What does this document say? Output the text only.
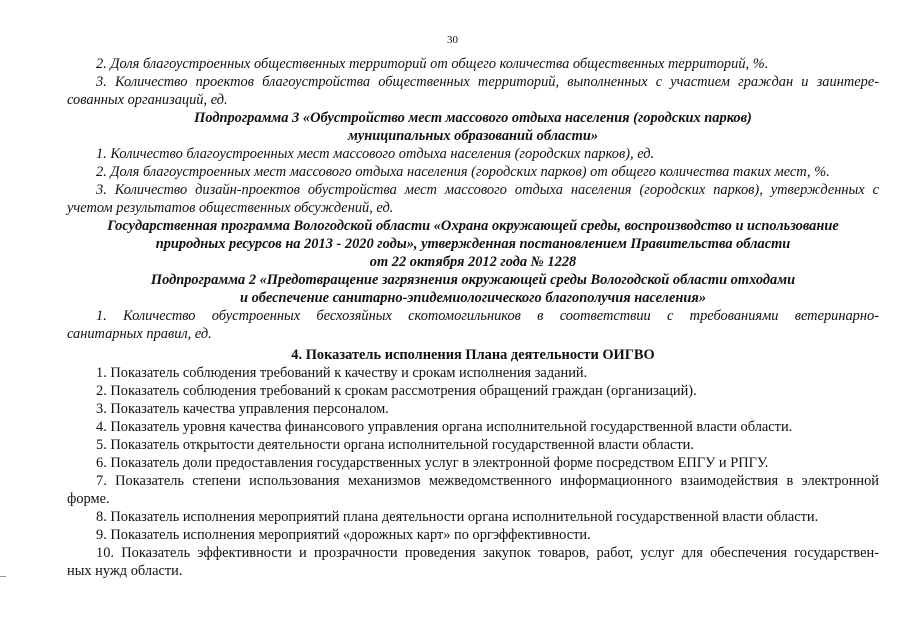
30

2. Доля благоустроенных общественных территорий от общего количества общественных территорий, %.

3. Количество проектов благоустройства общественных территорий, выполненных с участием граждан и заинтере-

сованных организаций, ед.

Подпрограмма 3 «Обустройство мест массового отдыха населения (городских парков)

муниципальных образований области»

1. Количество благоустроенных мест массового отдыха населения (городских парков), ед.

2. Доля благоустроенных мест массового отдыха населения (городских парков) от общего количества таких мест, %.

3. Количество дизайн-проектов обустройства мест массового отдыха населения (городских парков), утвержденных с

учетом результатов общественных обсуждений, ед.

Государственная программа Вологодской области «Охрана окружающей среды, воспроизводство и использование

природных ресурсов на 2013 - 2020 годы», утвержденная постановлением Правительства области

от 22 октября 2012 года № 1228

Подпрограмма 2 «Предотвращение загрязнения окружающей среды Вологодской области отходами

и обеспечение санитарно-эпидемиологического благополучия населения»

1. Количество обустроенных бесхозяйных скотомогильников в соответствии с требованиями ветеринарно-

санитарных правил, ед.

4. Показатель исполнения Плана деятельности ОИГВО

1. Показатель соблюдения требований к качеству и срокам исполнения заданий.

2. Показатель соблюдения требований к срокам рассмотрения обращений граждан (организаций).

3. Показатель качества управления персоналом.

4. Показатель уровня качества финансового управления органа исполнительной государственной власти области.

5. Показатель открытости деятельности органа исполнительной государственной власти области.

6. Показатель доли предоставления государственных услуг в электронной форме посредством ЕПГУ и РПГУ.

7. Показатель степени использования механизмов межведомственного информационного взаимодействия в электронной

форме.

8. Показатель исполнения мероприятий плана деятельности органа исполнительной государственной власти области.

9. Показатель исполнения мероприятий «дорожных карт» по оргэффективности.

10. Показатель эффективности и прозрачности проведения закупок товаров, работ, услуг для обеспечения государствен-

ных нужд области.
